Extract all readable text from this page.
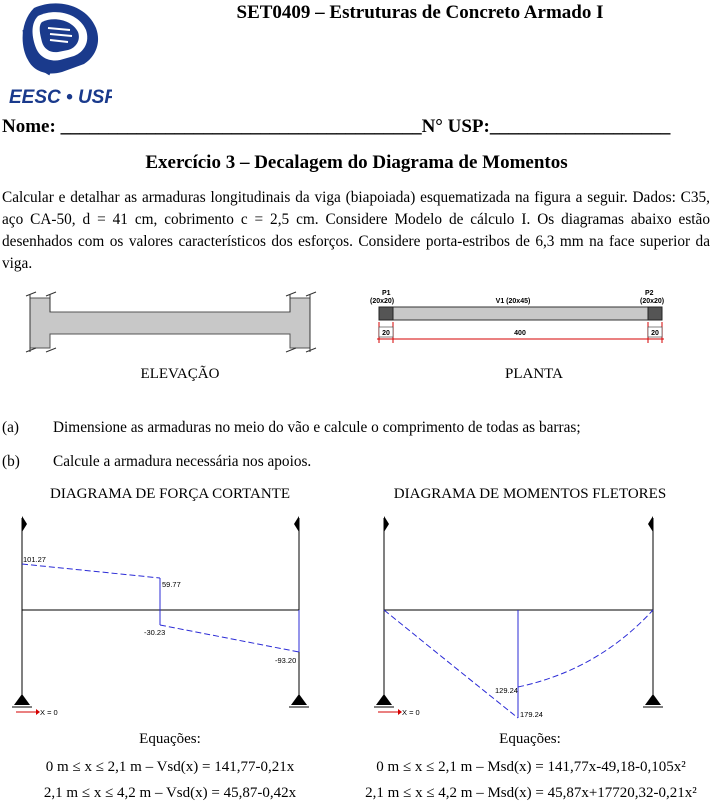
EESC • USP
SET0409 – Estruturas de Concreto Armado I
Nome: ______________________________________N° USP:___________________
Exercício 3 – Decalagem do Diagrama de Momentos
Calcular e detalhar as armaduras longitudinais da viga (biapoiada) esquematizada na figura a seguir. Dados: C35, aço CA-50, d = 41 cm, cobrimento c = 2,5 cm. Considere Modelo de cálculo I. Os diagramas abaixo estão desenhados com os valores característicos dos esforços. Considere porta-estribos de 6,3 mm na face superior da viga.
ELEVAÇÃO
P1
(20x20)
P2
(20x20)
V1 (20x45)
20	400	20
PLANTA
(a) Dimensione as armaduras no meio do vão e calcule o comprimento de todas as barras;
(b) Calcule a armadura necessária nos apoios.
DIAGRAMA DE FORÇA CORTANTE	DIAGRAMA DE MOMENTOS FLETORES
101.27
59.77
-30.23
-93.20
X = 0
129.24
179.24
X = 0
Equações:
0 m ≤ x ≤ 2,1 m – Vsd(x) = 141,77-0,21x
2,1 m ≤ x ≤ 4,2 m – Vsd(x) = 45,87-0,42x
Equações:
0 m ≤ x ≤ 2,1 m – Msd(x) = 141,77x-49,18-0,105x²
2,1 m ≤ x ≤ 4,2 m – Msd(x) = 45,87x+17720,32-0,21x²
